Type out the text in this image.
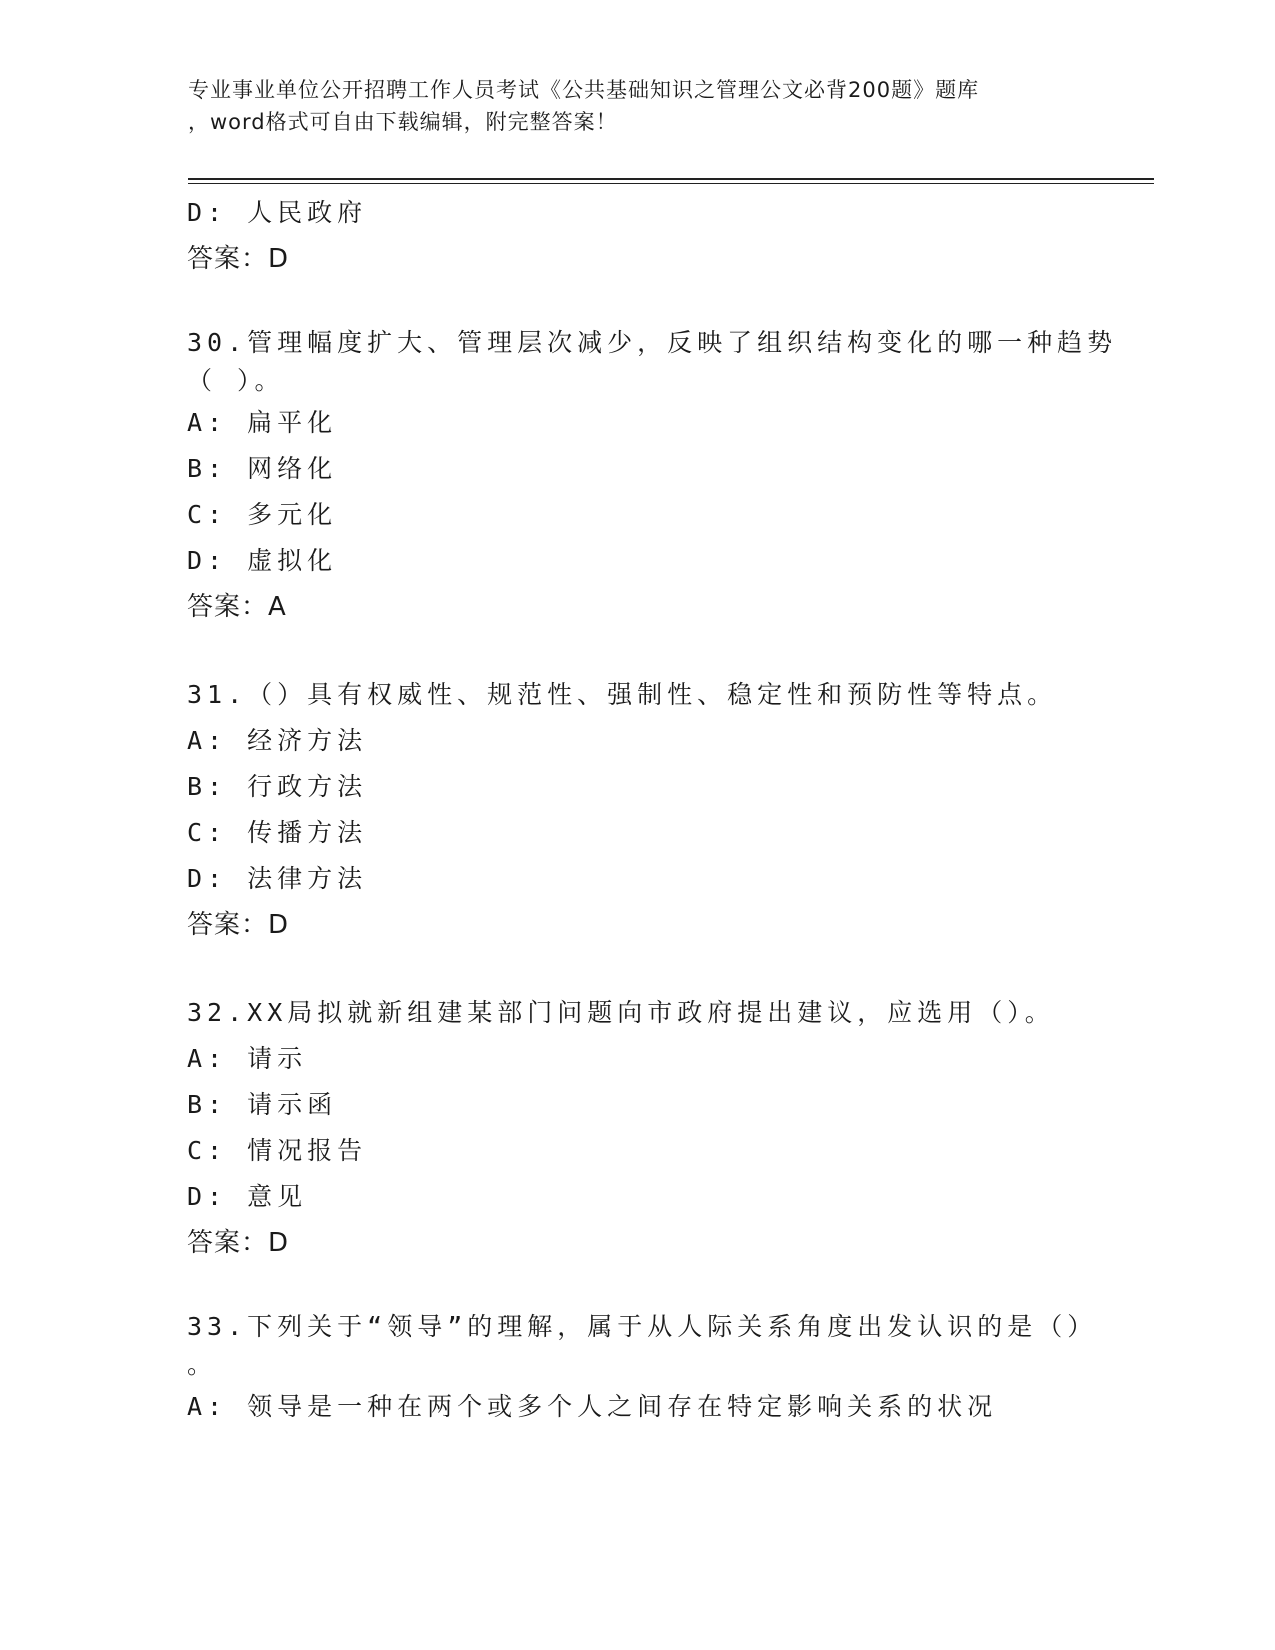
专业事业单位公开招聘工作人员考试《公共基础知识之管理公文必背200题》题库
，word格式可自由下载编辑，附完整答案！
D: 人民政府
答案：D
30.管理幅度扩大、管理层次减少，反映了组织结构变化的哪一种趋势
（ ）。
A: 扁平化
B: 网络化
C: 多元化
D: 虚拟化
答案：A
31.（）具有权威性、规范性、强制性、稳定性和预防性等特点。
A: 经济方法
B: 行政方法
C: 传播方法
D: 法律方法
答案：D
32.XX局拟就新组建某部门问题向市政府提出建议，应选用（）。
A: 请示
B: 请示函
C: 情况报告
D: 意见
答案：D
33.下列关于“领导”的理解，属于从人际关系角度出发认识的是（）
。
A: 领导是一种在两个或多个人之间存在特定影响关系的状况
